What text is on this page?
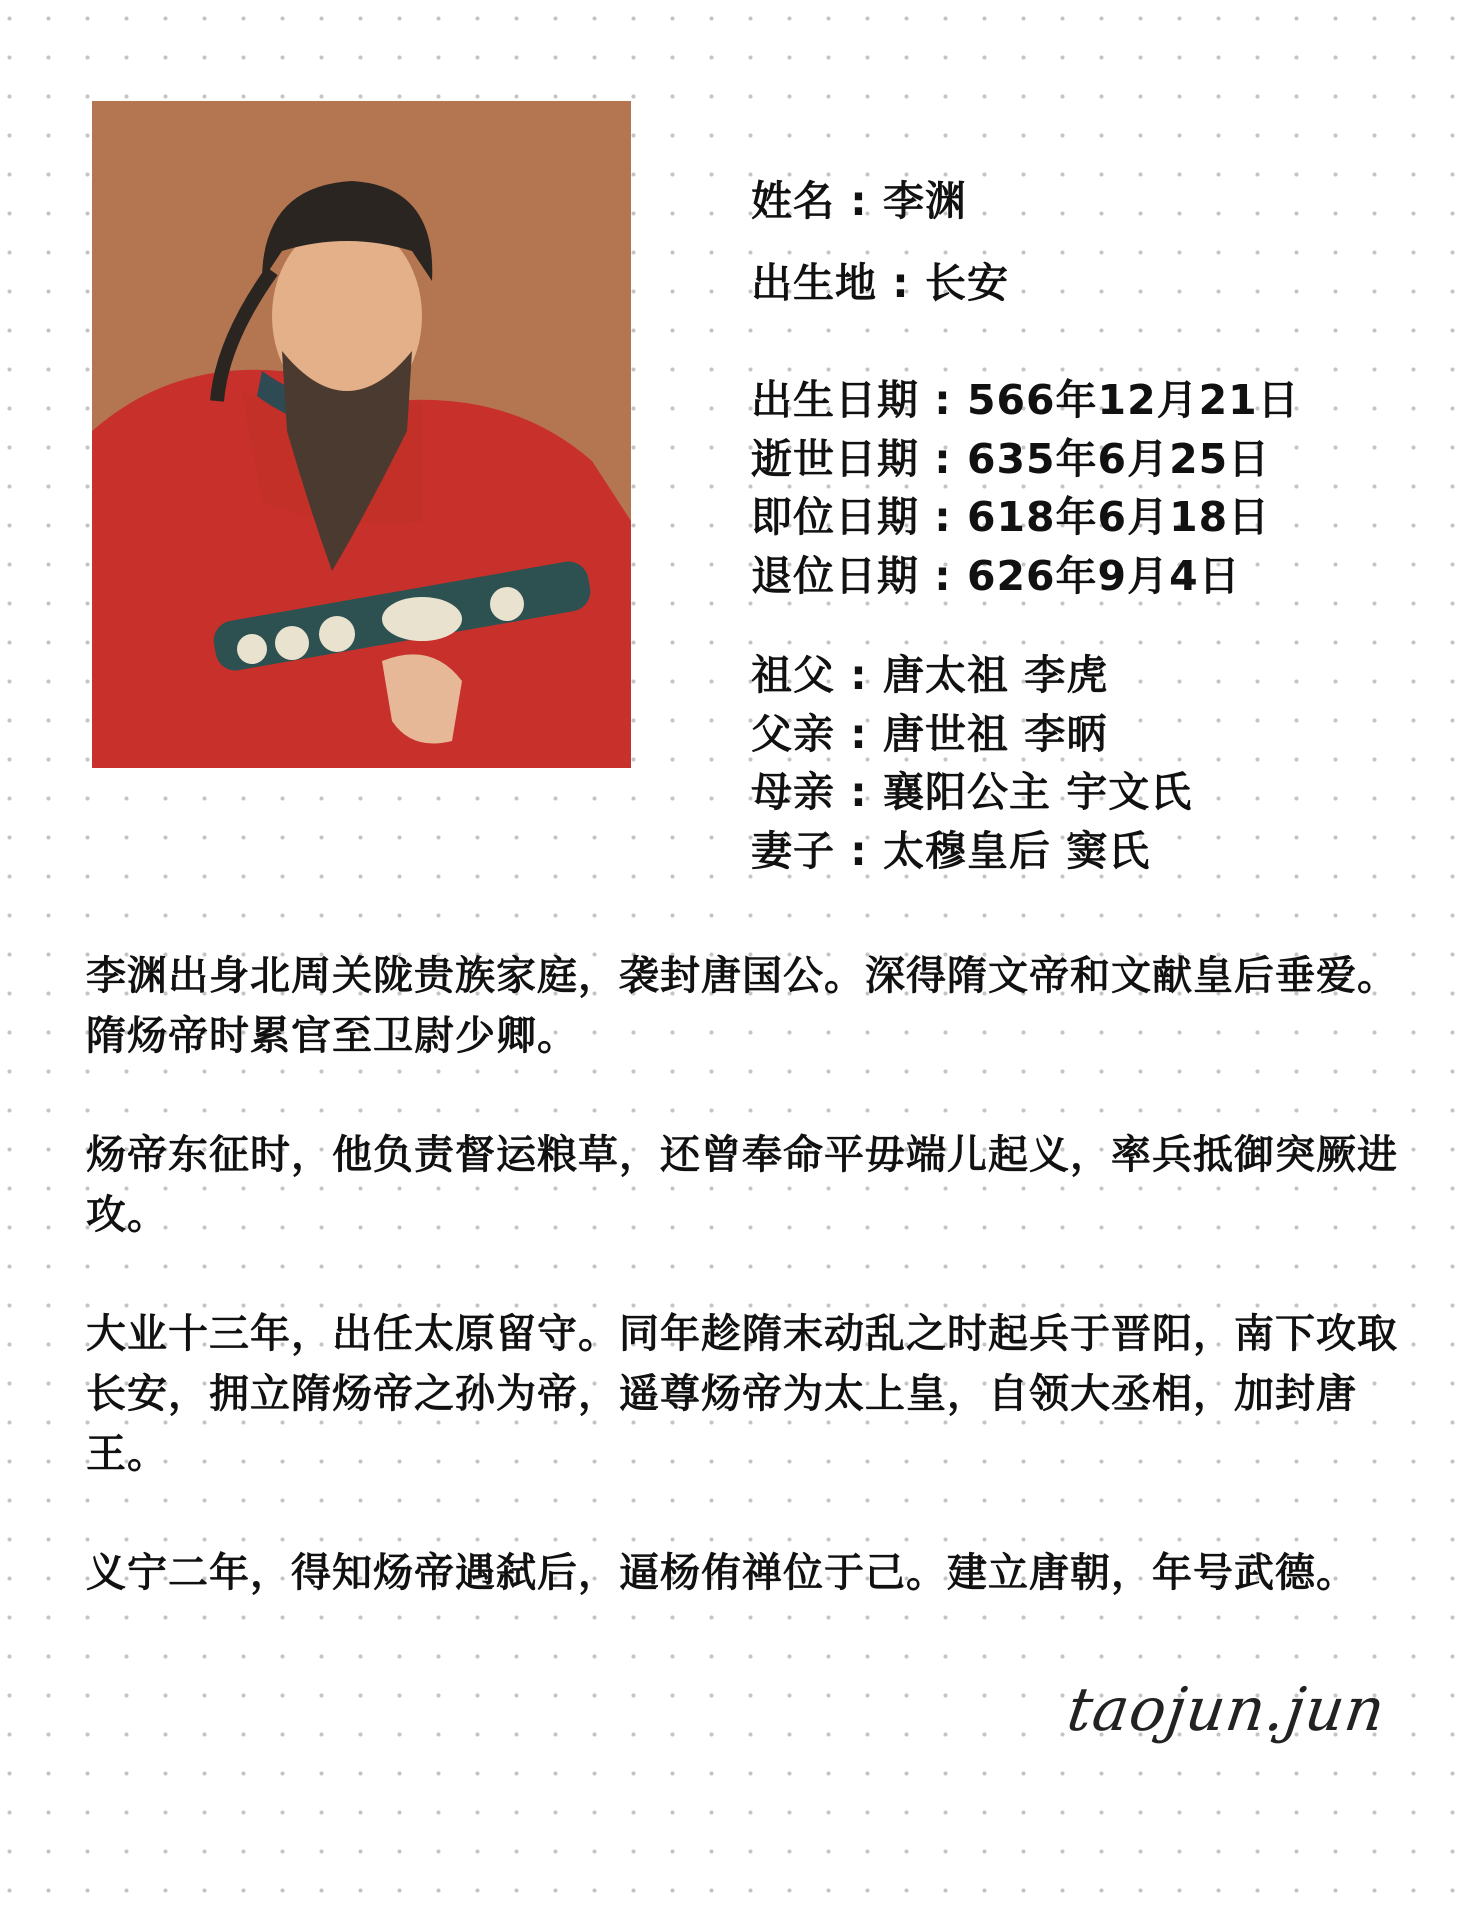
姓名 : 李渊
出生地 : 长安
出生日期 : 566年12月21日
逝世日期 : 635年6月25日
即位日期 : 618年6月18日
退位日期 : 626年9月4日
祖父 : 唐太祖 李虎
父亲 : 唐世祖 李昞
母亲 : 襄阳公主 宇文氏
妻子 : 太穆皇后 窦氏

李渊出身北周关陇贵族家庭，袭封唐国公。深得隋文帝和文献皇后垂爱。隋炀帝时累官至卫尉少卿。

炀帝东征时，他负责督运粮草，还曾奉命平毋端儿起义，率兵抵御突厥进攻。

大业十三年，出任太原留守。同年趁隋末动乱之时起兵于晋阳，南下攻取长安，拥立隋炀帝之孙为帝，遥尊炀帝为太上皇，自领大丞相，加封唐王。

义宁二年，得知炀帝遇弑后，逼杨侑禅位于己。建立唐朝，年号武德。

taojun.jun
